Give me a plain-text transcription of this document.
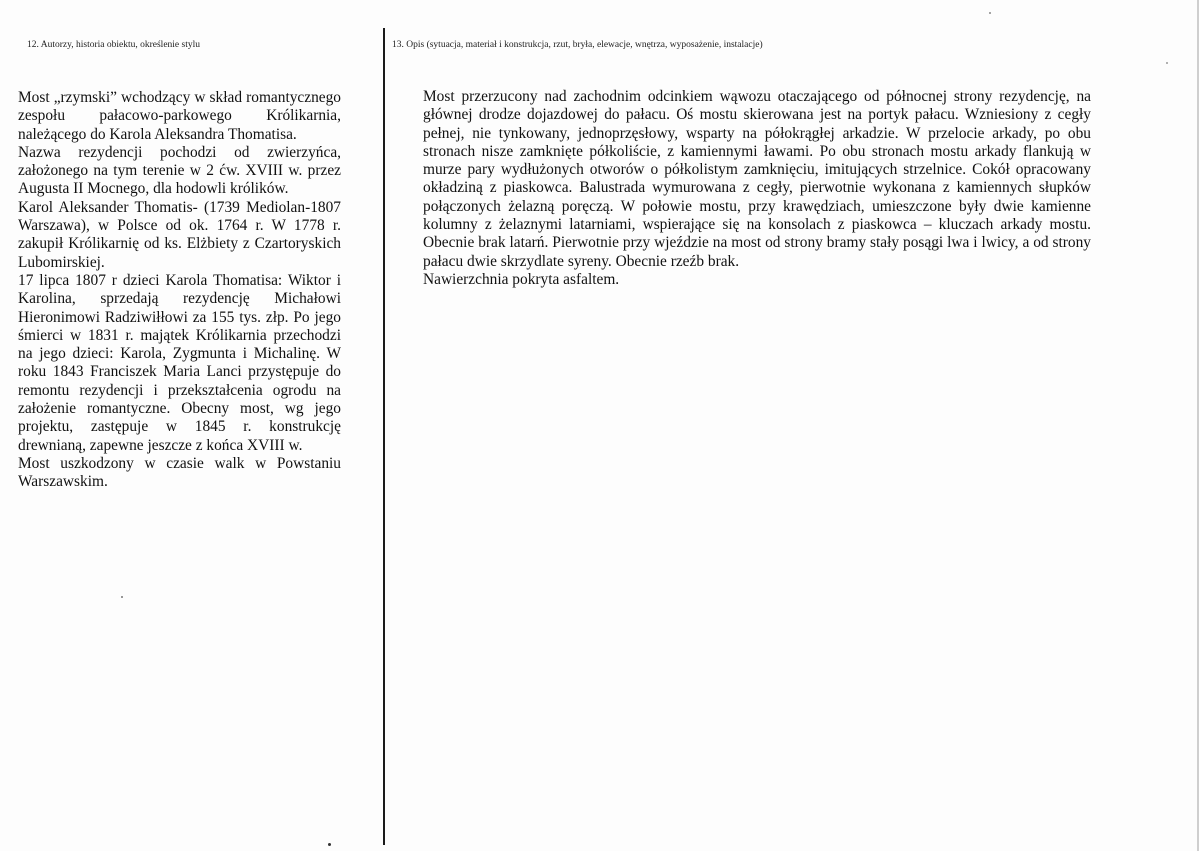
12. Autorzy, historia obiektu, określenie stylu	13. Opis (sytuacja, materiał i konstrukcja, rzut, bryła, elewacje, wnętrza, wyposażenie, instalacje)

Most „rzymski” wchodzący w skład romantycznego zespołu pałacowo-parkowego Królikarnia, należącego do Karola Aleksandra Thomatisa.

Nazwa rezydencji pochodzi od zwierzyńca, założonego na tym terenie w 2 ćw. XVIII w. przez Augusta II Mocnego, dla hodowli królików.

Karol Aleksander Thomatis- (1739 Mediolan-1807 Warszawa), w Polsce od ok. 1764 r. W 1778 r. zakupił Królikarnię od ks. Elżbiety z Czartoryskich Lubomirskiej.

17 lipca 1807 r dzieci Karola Thomatisa: Wiktor i Karolina, sprzedają rezydencję Michałowi Hieronimowi Radziwiłłowi za 155 tys. złp. Po jego śmierci w 1831 r. majątek Królikarnia przechodzi na jego dzieci: Karola, Zygmunta i Michalinę. W roku 1843 Franciszek Maria Lanci przystępuje do remontu rezydencji i przekształcenia ogrodu na założenie romantyczne. Obecny most, wg jego projektu, zastępuje w 1845 r. konstrukcję drewnianą, zapewne jeszcze z końca XVIII w.

Most uszkodzony w czasie walk w Powstaniu Warszawskim.

Most przerzucony nad zachodnim odcinkiem wąwozu otaczającego od północnej strony rezydencję, na głównej drodze dojazdowej do pałacu. Oś mostu skierowana jest na portyk pałacu. Wzniesiony z cegły pełnej, nie tynkowany, jednoprzęsłowy, wsparty na półokrągłej arkadzie. W przelocie arkady, po obu stronach nisze zamknięte półkoliście, z kamiennymi ławami. Po obu stronach mostu arkady flankują w murze pary wydłużonych otworów o półkolistym zamknięciu, imitujących strzelnice. Cokół opracowany okładziną z piaskowca. Balustrada wymurowana z cegły, pierwotnie wykonana z kamiennych słupków połączonych żelazną poręczą. W połowie mostu, przy krawędziach, umieszczone były dwie kamienne kolumny z żelaznymi latarniami, wspierające się na konsolach z piaskowca – kluczach arkady mostu. Obecnie brak latarń. Pierwotnie przy wjeździe na most od strony bramy stały posągi lwa i lwicy, a od strony pałacu dwie skrzydlate syreny. Obecnie rzeźb brak.

Nawierzchnia pokryta asfaltem.
